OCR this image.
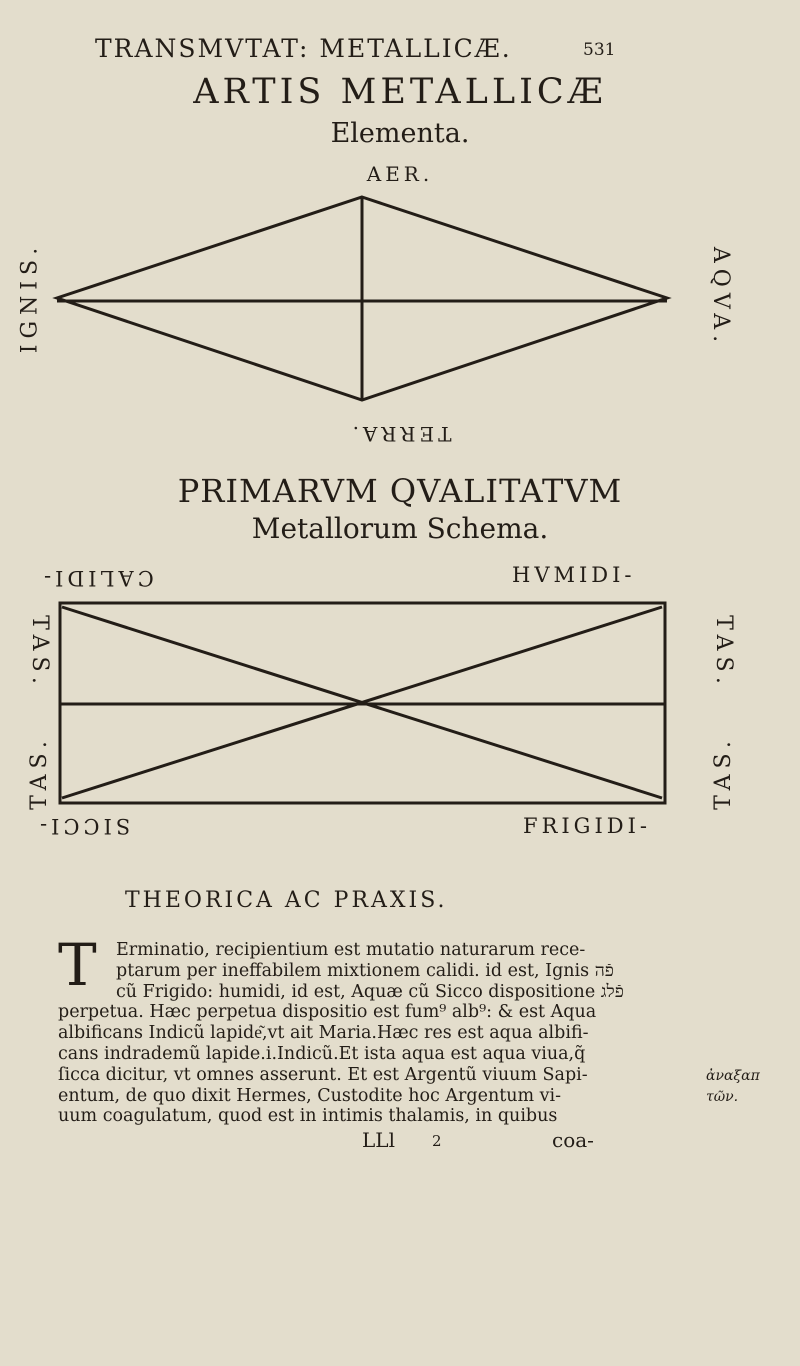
TRANSMVTAT: METALLICÆ.	531
ARTIS METALLICÆ
Elementa.
AER.
TERRA.
IGNIS.	AQVA.
PRIMARVM QVALITATVM
Metallorum Schema.
CALIDI-	HVMIDI-
SICCI-	FRIGIDI-
TAS.
TAS.
TAS.
TAS.
THEORICA AC PRAXIS.
T	Erminatio, recipientium est mutatio naturarum rece-
ptarum per ineffabilem mixtionem calidi. id est, Ignis פֿה
cũ Frigido: humidi, id est, Aquæ cũ Sicco dispositione פֿלג
perpetua. Hæc perpetua dispositio est fum⁹ alb⁹: & est Aqua
albificans Indicũ lapide͂,vt ait Maria.Hæc res est aqua albifi-
cans indrademũ lapide.i.Indicũ.Et ista aqua est aqua viua,q̃
ſicca dicitur, vt omnes asserunt. Et est Argentũ viuum Sapi-
entum, de quo dixit Hermes, Custodite hoc Argentum vi-
uum coagulatum, quod est in intimis thalamis, in quibus
ἀναξαπ
τῶν.
LLl 2	coa-
